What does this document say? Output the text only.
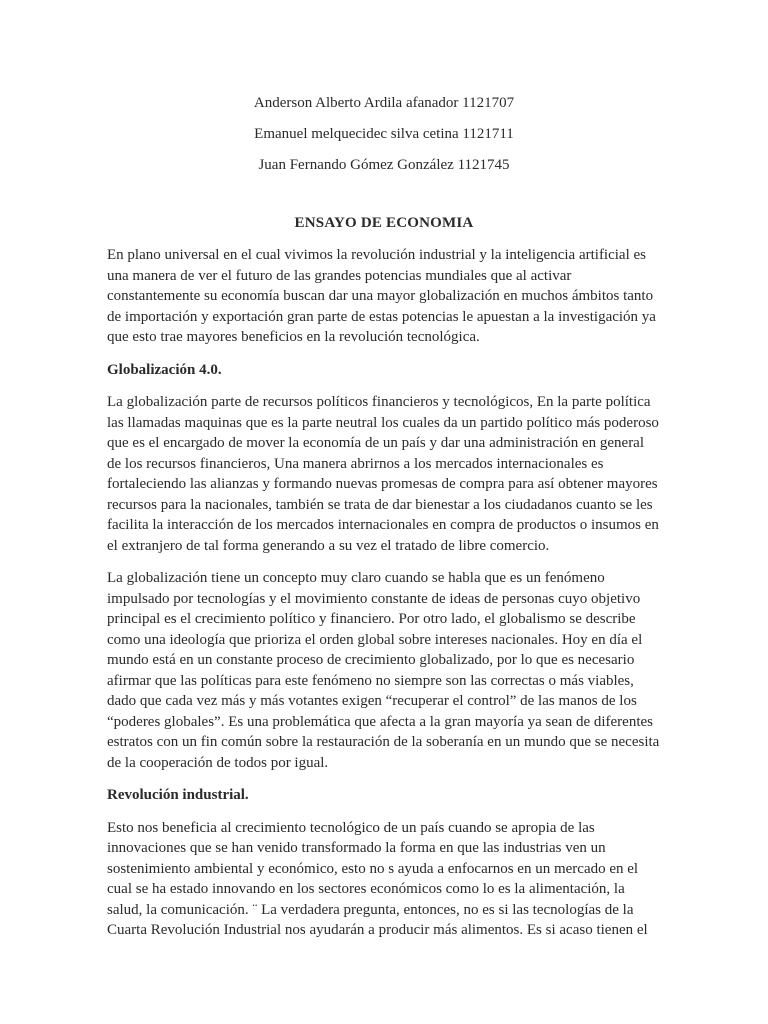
Anderson Alberto Ardila afanador 1121707
Emanuel melquecidec silva cetina 1121711
Juan Fernando Gómez González 1121745
ENSAYO DE ECONOMIA

En plano universal en el cual vivimos la revolución industrial y la inteligencia artificial es
una manera de ver el futuro de las grandes potencias mundiales que al activar
constantemente su economía buscan dar una mayor globalización en muchos ámbitos tanto
de importación y exportación gran parte de estas potencias le apuestan a la investigación ya
que esto trae mayores beneficios en la revolución tecnológica.

Globalización 4.0.

La globalización parte de recursos políticos financieros y tecnológicos, En la parte política
las llamadas maquinas que es la parte neutral los cuales da un partido político más poderoso
que es el encargado de mover la economía de un país y dar una administración en general
de los recursos financieros, Una manera abrirnos a los mercados internacionales es
fortaleciendo las alianzas y formando nuevas promesas de compra para así obtener mayores
recursos para la nacionales, también se trata de dar bienestar a los ciudadanos cuanto se les
facilita la interacción de los mercados internacionales en compra de productos o insumos en
el extranjero de tal forma generando a su vez el tratado de libre comercio.

La globalización tiene un concepto muy claro cuando se habla que es un fenómeno
impulsado por tecnologías y el movimiento constante de ideas de personas cuyo objetivo
principal es el crecimiento político y financiero. Por otro lado, el globalismo se describe
como una ideología que prioriza el orden global sobre intereses nacionales. Hoy en día el
mundo está en un constante proceso de crecimiento globalizado, por lo que es necesario
afirmar que las políticas para este fenómeno no siempre son las correctas o más viables,
dado que cada vez más y más votantes exigen “recuperar el control” de las manos de los
“poderes globales”. Es una problemática que afecta a la gran mayoría ya sean de diferentes
estratos con un fin común sobre la restauración de la soberanía en un mundo que se necesita
de la cooperación de todos por igual.

Revolución industrial.

Esto nos beneficia al crecimiento tecnológico de un país cuando se apropia de las
innovaciones que se han venido transformado la forma en que las industrias ven un
sostenimiento ambiental y económico, esto no s ayuda a enfocarnos en un mercado en el
cual se ha estado innovando en los sectores económicos como lo es la alimentación, la
salud, la comunicación. ¨ La verdadera pregunta, entonces, no es si las tecnologías de la
Cuarta Revolución Industrial nos ayudarán a producir más alimentos. Es si acaso tienen el
